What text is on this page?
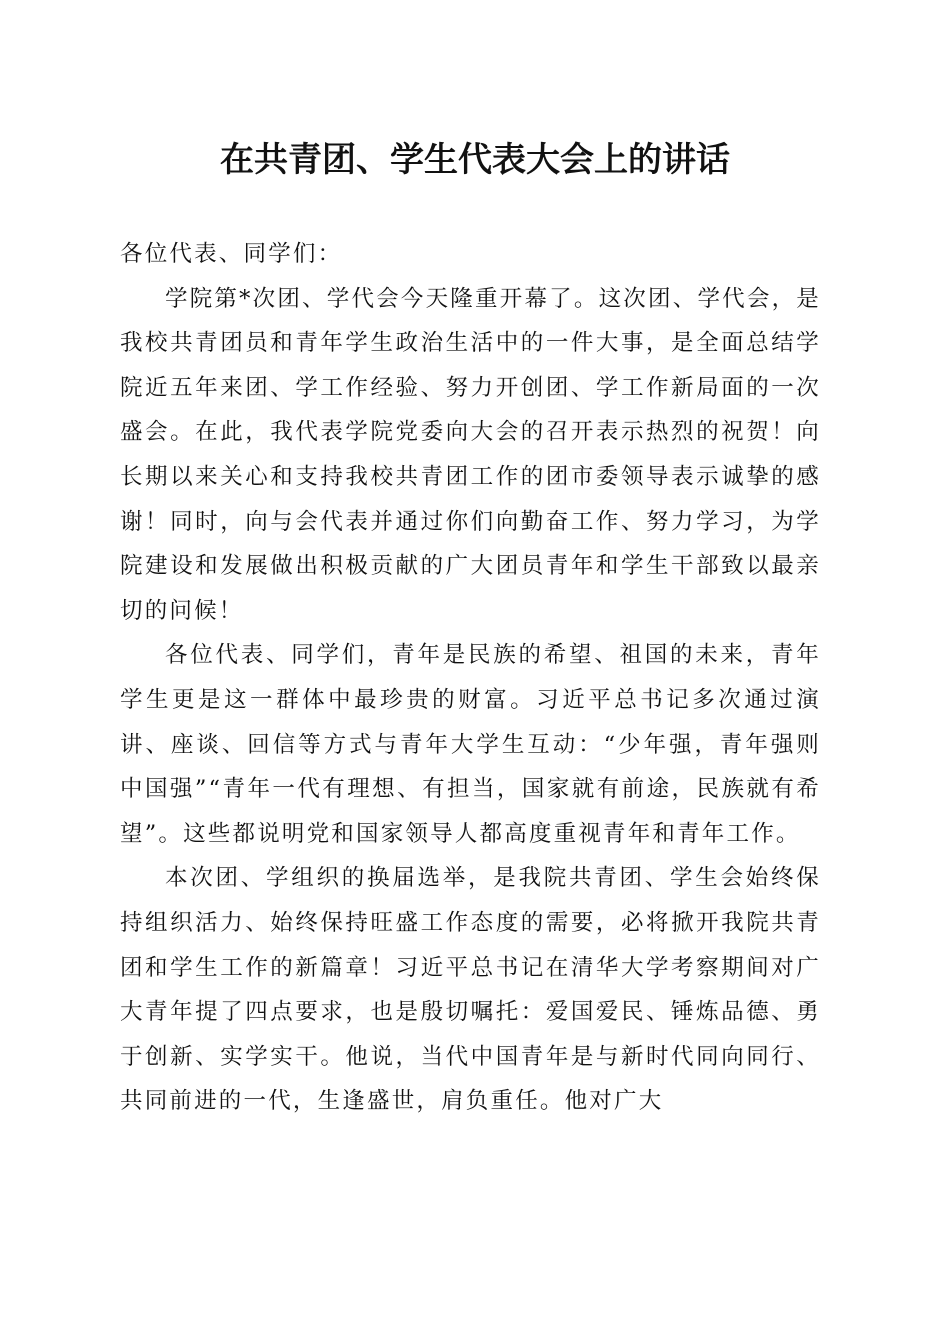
在共青团、学生代表大会上的讲话

各位代表、同学们：

学院第*次团、学代会今天隆重开幕了。这次团、学代会，是我校共青团员和青年学生政治生活中的一件大事，是全面总结学院近五年来团、学工作经验、努力开创团、学工作新局面的一次盛会。在此，我代表学院党委向大会的召开表示热烈的祝贺！向长期以来关心和支持我校共青团工作的团市委领导表示诚挚的感谢！同时，向与会代表并通过你们向勤奋工作、努力学习，为学院建设和发展做出积极贡献的广大团员青年和学生干部致以最亲切的问候！

各位代表、同学们，青年是民族的希望、祖国的未来，青年学生更是这一群体中最珍贵的财富。习近平总书记多次通过演讲、座谈、回信等方式与青年大学生互动：“少年强，青年强则中国强”“青年一代有理想、有担当，国家就有前途，民族就有希望”。这些都说明党和国家领导人都高度重视青年和青年工作。

本次团、学组织的换届选举，是我院共青团、学生会始终保持组织活力、始终保持旺盛工作态度的需要，必将掀开我院共青团和学生工作的新篇章！习近平总书记在清华大学考察期间对广大青年提了四点要求，也是殷切嘱托：爱国爱民、锤炼品德、勇于创新、实学实干。他说，当代中国青年是与新时代同向同行、共同前进的一代，生逢盛世，肩负重任。他对广大
